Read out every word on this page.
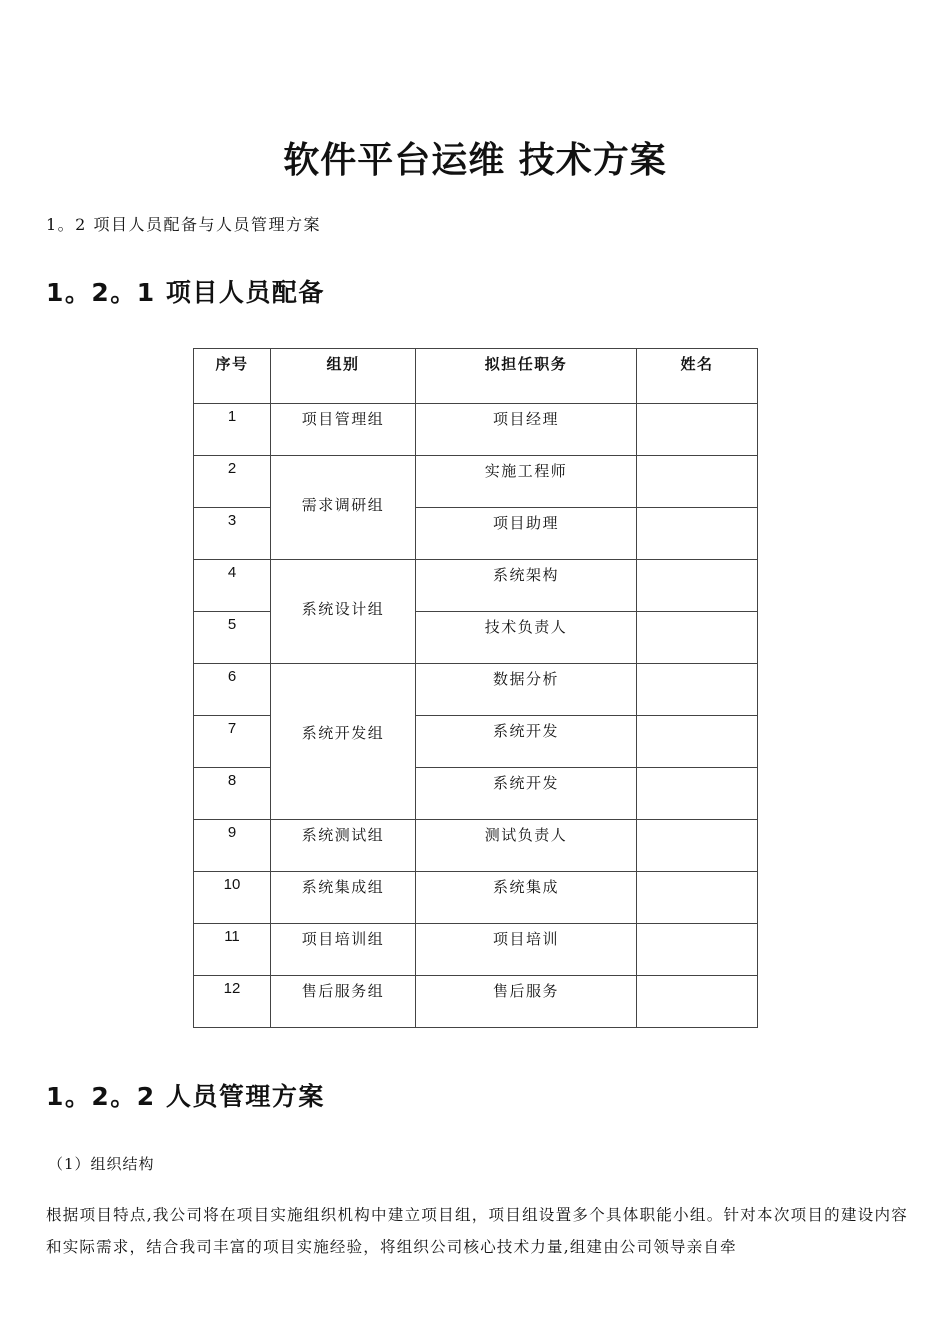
软件平台运维 技术方案

1。2 项目人员配备与人员管理方案

1。2。1 项目人员配备
序号	组别	拟担任职务	姓名
1	项目管理组	项目经理	
2	需求调研组	实施工程师	
3		项目助理	
4	系统设计组	系统架构	
5		技术负责人	
6	系统开发组	数据分析	
7		系统开发	
8		系统开发	
9	系统测试组	测试负责人	
10	系统集成组	系统集成	
11	项目培训组	项目培训	
12	售后服务组	售后服务	
1。2。2 人员管理方案

（1）组织结构

根据项目特点,我公司将在项目实施组织机构中建立项目组，项目组设置多个具体职能小组。针对本次项目的建设内容和实际需求，结合我司丰富的项目实施经验，将组织公司核心技术力量,组建由公司领导亲自牵
